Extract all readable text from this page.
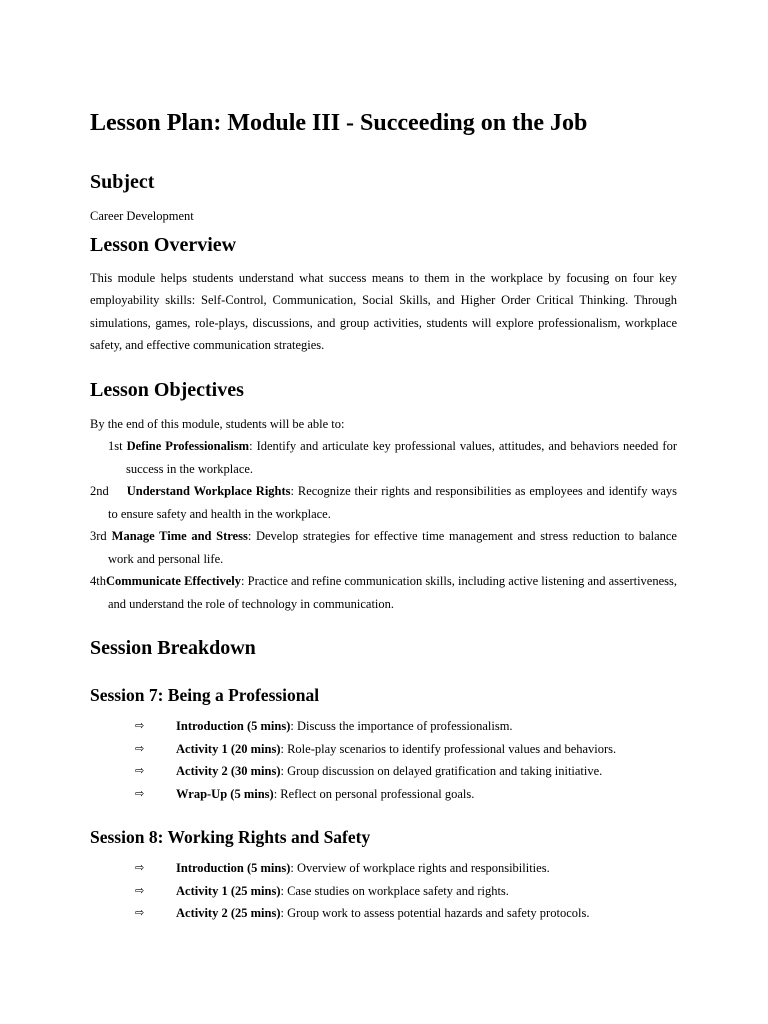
Lesson Plan: Module III - Succeeding on the Job
Subject

Career Development

Lesson Overview

This module helps students understand what success means to them in the workplace by focusing on four key employability skills: Self-Control, Communication, Social Skills, and Higher Order Critical Thinking. Through simulations, games, role-plays, discussions, and group activities, students will explore professionalism, workplace safety, and effective communication strategies.

Lesson Objectives

By the end of this module, students will be able to:

1st Define Professionalism: Identify and articulate key professional values, attitudes, and behaviors needed for success in the workplace.
2nd Understand Workplace Rights: Recognize their rights and responsibilities as employees and identify ways to ensure safety and health in the workplace.
3rd Manage Time and Stress: Develop strategies for effective time management and stress reduction to balance work and personal life.
4thCommunicate Effectively: Practice and refine communication skills, including active listening and assertiveness, and understand the role of technology in communication.
Session Breakdown
Session 7: Being a Professional
⇨	Introduction (5 mins): Discuss the importance of professionalism.
⇨	Activity 1 (20 mins): Role-play scenarios to identify professional values and behaviors.
⇨	Activity 2 (30 mins): Group discussion on delayed gratification and taking initiative.
⇨	Wrap-Up (5 mins): Reflect on personal professional goals.
Session 8: Working Rights and Safety
⇨	Introduction (5 mins): Overview of workplace rights and responsibilities.
⇨	Activity 1 (25 mins): Case studies on workplace safety and rights.
⇨	Activity 2 (25 mins): Group work to assess potential hazards and safety protocols.
